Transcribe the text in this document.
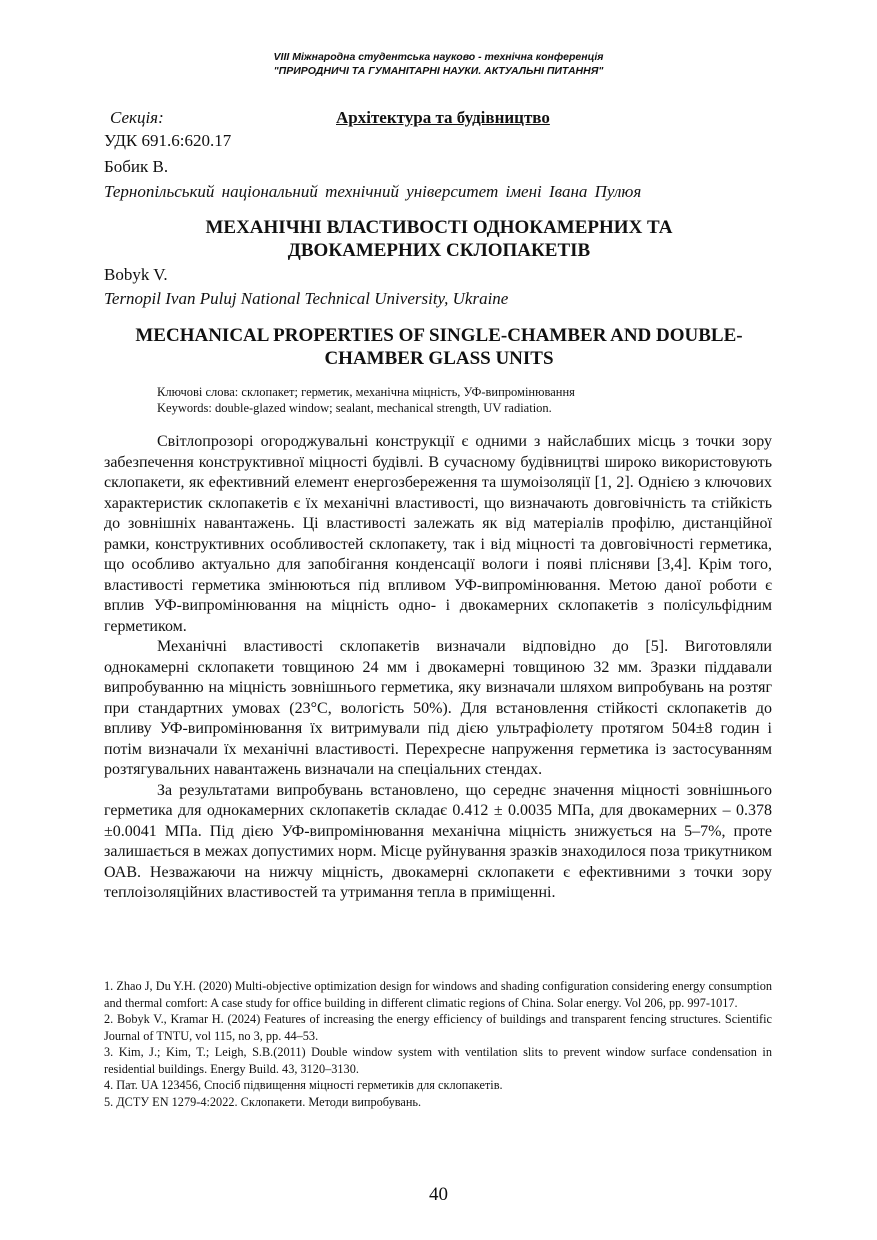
VIII Міжнародна студентська науково - технічна конференція
"ПРИРОДНИЧІ ТА ГУМАНІТАРНІ НАУКИ. АКТУАЛЬНІ ПИТАННЯ"
Секція:	Архітектура та будівництво
УДК 691.6:620.17
Бобик В.
Тернопільський національний технічний університет імені Івана Пулюя
МЕХАНІЧНІ ВЛАСТИВОСТІ ОДНОКАМЕРНИХ ТА
ДВОКАМЕРНИХ СКЛОПАКЕТІВ
Bobyk V.
Ternopil Ivan Puluj National Technical University, Ukraine
MECHANICAL PROPERTIES OF SINGLE-CHAMBER AND DOUBLE-
CHAMBER GLASS UNITS
Ключові слова: склопакет; герметик, механічна міцність, УФ-випромінювання
Keywords: double-glazed window; sealant, mechanical strength, UV radiation.

Світлопрозорі огороджувальні конструкції є одними з найслабших місць з точки зору забезпечення конструктивної міцності будівлі. В сучасному будівництві широко використовують склопакети, як ефективний елемент енергозбереження та шумоізоляції [1, 2]. Однією з ключових характеристик склопакетів є їх механічні властивості, що визначають довговічність та стійкість до зовнішніх навантажень. Ці властивості залежать як від матеріалів профілю, дистанційної рамки, конструктивних особливостей склопакету, так і від міцності та довговічності герметика, що особливо актуально для запобігання конденсації вологи і появі плісняви [3,4]. Крім того, властивості герметика змінюються під впливом УФ-випромінювання. Метою даної роботи є вплив УФ-випромінювання на міцність одно- і двокамерних склопакетів з полісульфідним герметиком.

Механічні властивості склопакетів визначали відповідно до [5]. Виготовляли однокамерні склопакети товщиною 24 мм і двокамерні товщиною 32 мм. Зразки піддавали випробуванню на міцність зовнішнього герметика, яку визначали шляхом випробувань на розтяг при стандартних умовах (23°С, вологість 50%). Для встановлення стійкості склопакетів до впливу УФ-випромінювання їх витримували під дією ультрафіолету протягом 504±8 годин і потім визначали їх механічні властивості. Перехресне напруження герметика із застосуванням розтягувальних навантажень визначали на спеціальних стендах.

За результатами випробувань встановлено, що середнє значення міцності зовнішнього герметика для однокамерних склопакетів складає 0.412 ± 0.0035 МПа, для двокамерних – 0.378 ±0.0041 МПа. Під дією УФ-випромінювання механічна міцність знижується на 5–7%, проте залишається в межах допустимих норм. Місце руйнування зразків знаходилося поза трикутником ОАВ. Незважаючи на нижчу міцність, двокамерні склопакети є ефективними з точки зору теплоізоляційних властивостей та утримання тепла в приміщенні.

1. Zhao J, Du Y.H. (2020) Multi-objective optimization design for windows and shading configuration considering energy consumption and thermal comfort: A case study for office building in different climatic regions of China. Solar energy. Vol 206, pp. 997-1017.
2. Bobyk V., Kramar H. (2024) Features of increasing the energy efficiency of buildings and transparent fencing structures. Scientific Journal of TNTU, vol 115, no 3, pp. 44–53.
3. Kim, J.; Kim, T.; Leigh, S.B.(2011) Double window system with ventilation slits to prevent window surface condensation in residential buildings. Energy Build. 43, 3120–3130.
4. Пат. UA 123456, Спосіб підвищення міцності герметиків для склопакетів.
5. ДСТУ EN 1279-4:2022. Склопакети. Методи випробувань.
40
